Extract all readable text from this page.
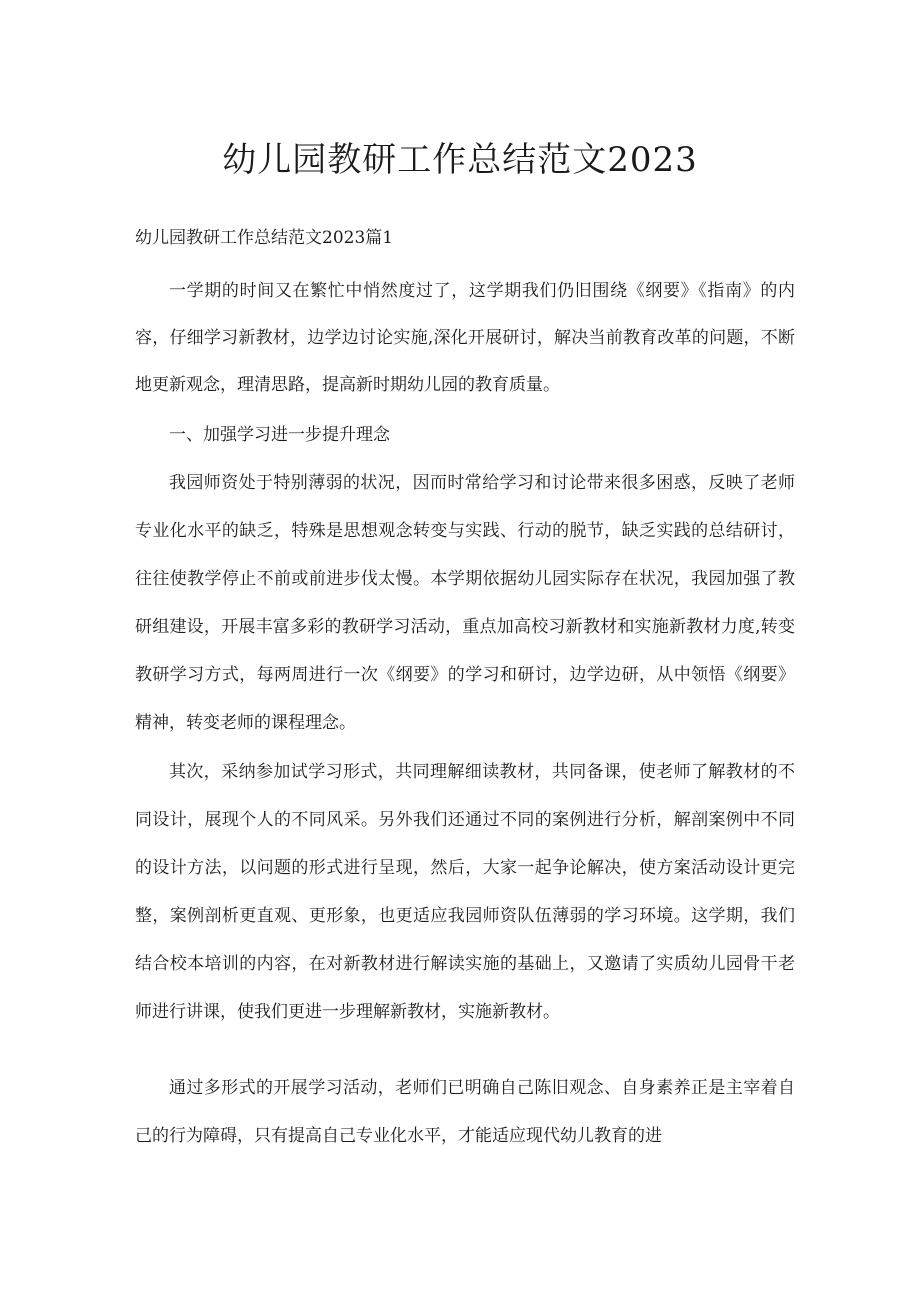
幼儿园教研工作总结范文2023

幼儿园教研工作总结范文2023篇1

一学期的时间又在繁忙中悄然度过了，这学期我们仍旧围绕《纲要》《指南》的内容，仔细学习新教材，边学边讨论实施,深化开展研讨，解决当前教育改革的问题，不断地更新观念，理清思路，提高新时期幼儿园的教育质量。

一、加强学习进一步提升理念

我园师资处于特别薄弱的状况，因而时常给学习和讨论带来很多困惑，反映了老师专业化水平的缺乏，特殊是思想观念转变与实践、行动的脱节，缺乏实践的总结研讨，往往使教学停止不前或前进步伐太慢。本学期依据幼儿园实际存在状况，我园加强了教研组建设，开展丰富多彩的教研学习活动，重点加高校习新教材和实施新教材力度,转变教研学习方式，每两周进行一次《纲要》的学习和研讨，边学边研，从中领悟《纲要》精神，转变老师的课程理念。

其次，采纳参加试学习形式，共同理解细读教材，共同备课，使老师了解教材的不同设计，展现个人的不同风采。另外我们还通过不同的案例进行分析，解剖案例中不同的设计方法，以问题的形式进行呈现，然后，大家一起争论解决，使方案活动设计更完整，案例剖析更直观、更形象，也更适应我园师资队伍薄弱的学习环境。这学期，我们结合校本培训的内容，在对新教材进行解读实施的基础上，又邀请了实质幼儿园骨干老师进行讲课，使我们更进一步理解新教材，实施新教材。

通过多形式的开展学习活动，老师们已明确自己陈旧观念、自身素养正是主宰着自己的行为障碍，只有提高自己专业化水平，才能适应现代幼儿教育的进
